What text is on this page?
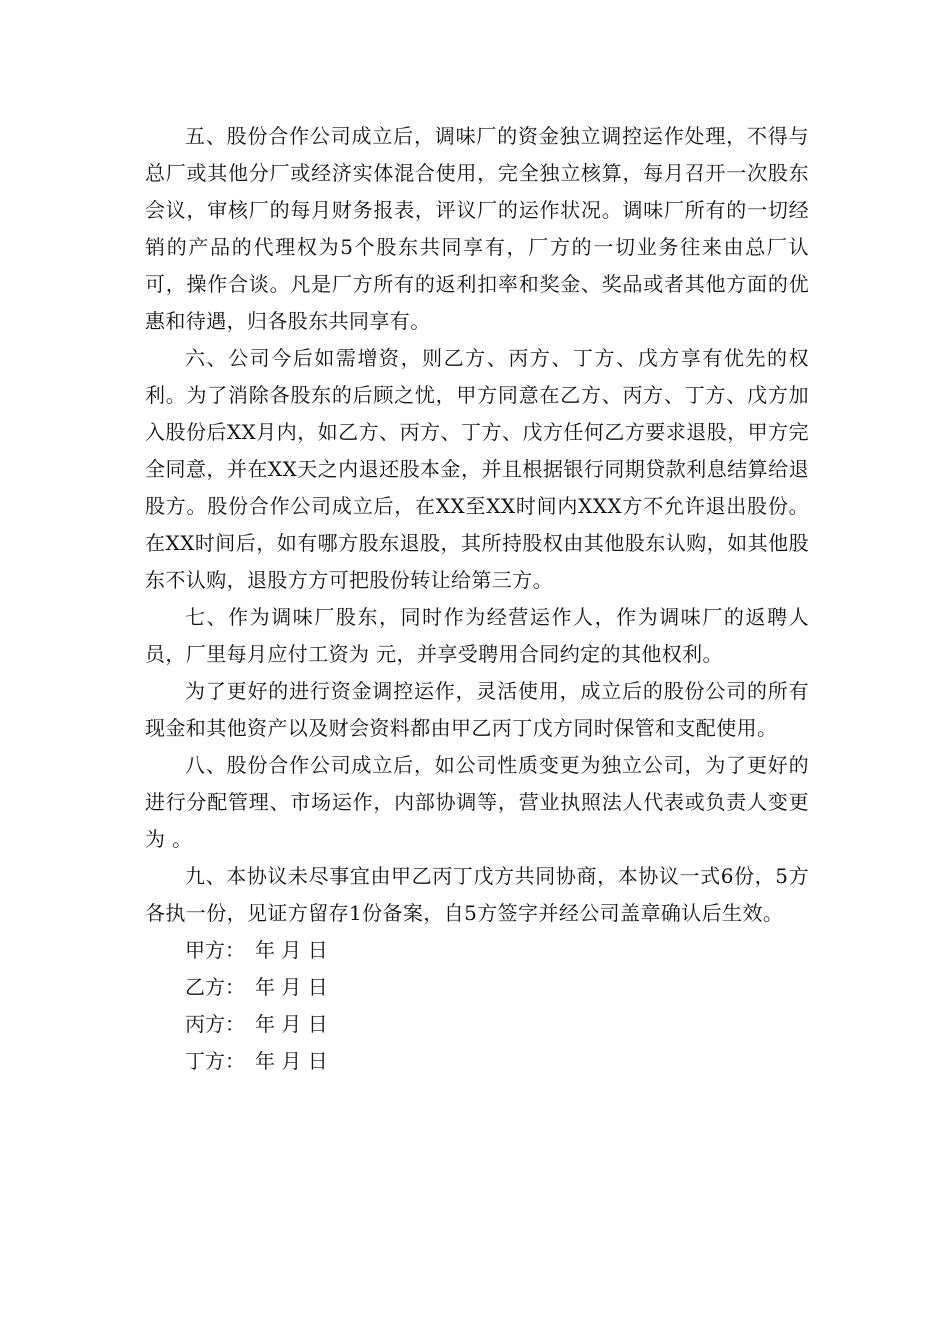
五、股份合作公司成立后，调味厂的资金独立调控运作处理，不得与总厂或其他分厂或经济实体混合使用，完全独立核算，每月召开一次股东会议，审核厂的每月财务报表，评议厂的运作状况。调味厂所有的一切经销的产品的代理权为5个股东共同享有，厂方的一切业务往来由总厂认可，操作合谈。凡是厂方所有的返利扣率和奖金、奖品或者其他方面的优惠和待遇，归各股东共同享有。

六、公司今后如需增资，则乙方、丙方、丁方、戊方享有优先的权利。为了消除各股东的后顾之忧，甲方同意在乙方、丙方、丁方、戊方加入股份后XX月内，如乙方、丙方、丁方、戊方任何乙方要求退股，甲方完全同意，并在XX天之内退还股本金，并且根据银行同期贷款利息结算给退股方。股份合作公司成立后，在XX至XX时间内XXX方不允许退出股份。在XX时间后，如有哪方股东退股，其所持股权由其他股东认购，如其他股东不认购，退股方方可把股份转让给第三方。

七、作为调味厂股东，同时作为经营运作人，作为调味厂的返聘人员，厂里每月应付工资为 元，并享受聘用合同约定的其他权利。

为了更好的进行资金调控运作，灵活使用，成立后的股份公司的所有现金和其他资产以及财会资料都由甲乙丙丁戊方同时保管和支配使用。

八、股份合作公司成立后，如公司性质变更为独立公司，为了更好的进行分配管理、市场运作，内部协调等，营业执照法人代表或负责人变更为 。

九、本协议未尽事宜由甲乙丙丁戊方共同协商，本协议一式6份，5方各执一份，见证方留存1份备案，自5方签字并经公司盖章确认后生效。

甲方： 年 月 日
乙方： 年 月 日
丙方： 年 月 日
丁方： 年 月 日
